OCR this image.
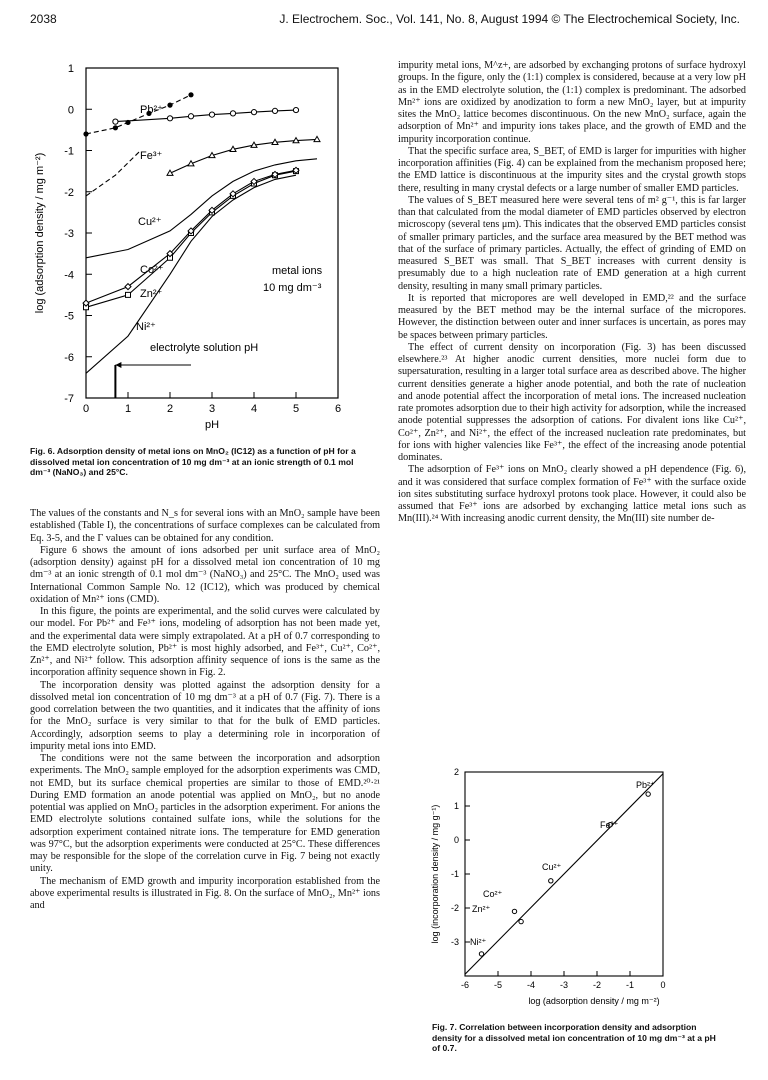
2038	J. Electrochem. Soc., Vol. 141, No. 8, August 1994 © The Electrochemical Society, Inc.
0	1	2	3	4	5	6
1
0
-1
-2
-3
-4
-5
-6
-7
pH
log (adsorption density / mg m⁻²)
Pb²⁺
Fe³⁺
Cu²⁺
Co²⁺
Zn²⁺
Ni²⁺
metal ions
10 mg dm⁻³
electrolyte solution pH
Fig. 6. Adsorption density of metal ions on MnO₂ (IC12) as a function of pH for a dissolved metal ion concentration of 10 mg dm⁻³ at an ionic strength of 0.1 mol dm⁻³ (NaNO₃) and 25°C.

The values of the constants and N_s for several ions with an MnO₂ sample have been established (Table I), the concentrations of surface complexes can be calculated from Eq. 3-5, and the Γ values can be obtained for any condition.

Figure 6 shows the amount of ions adsorbed per unit surface area of MnO₂ (adsorption density) against pH for a dissolved metal ion concentration of 10 mg dm⁻³ at an ionic strength of 0.1 mol dm⁻³ (NaNO₃) and 25°C. The MnO₂ used was International Common Sample No. 12 (IC12), which was produced by chemical oxidation of Mn²⁺ ions (CMD).

In this figure, the points are experimental, and the solid curves were calculated by our model. For Pb²⁺ and Fe³⁺ ions, modeling of adsorption has not been made yet, and the experimental data were simply extrapolated. At a pH of 0.7 corresponding to the EMD electrolyte solution, Pb²⁺ is most highly adsorbed, and Fe³⁺, Cu²⁺, Co²⁺, Zn²⁺, and Ni²⁺ follow. This adsorption affinity sequence of ions is the same as the incorporation affinity sequence shown in Fig. 2.

The incorporation density was plotted against the adsorption density for a dissolved metal ion concentration of 10 mg dm⁻³ at a pH of 0.7 (Fig. 7). There is a good correlation between the two quantities, and it indicates that the affinity of ions for the MnO₂ surface is very similar to that for the bulk of EMD particles. Accordingly, adsorption seems to play a determining role in incorporation of impurity metal ions into EMD.

The conditions were not the same between the incorporation and adsorption experiments. The MnO₂ sample employed for the adsorption experiments was CMD, not EMD, but its surface chemical properties are similar to those of EMD.²⁰·²¹ During EMD formation an anode potential was applied on MnO₂, but no anode potential was applied on MnO₂ particles in the adsorption experiment. For anions the EMD electrolyte solutions contained sulfate ions, while the solutions for the adsorption experiment contained nitrate ions. The temperature for EMD generation was 97°C, but the adsorption experiments were conducted at 25°C. These differences may be responsible for the slope of the correlation curve in Fig. 7 being not exactly unity.

The mechanism of EMD growth and impurity incorporation established from the above experimental results is illustrated in Fig. 8. On the surface of MnO₂, Mn²⁺ ions and

impurity metal ions, M^z+, are adsorbed by exchanging protons of surface hydroxyl groups. In the figure, only the (1:1) complex is considered, because at a very low pH as in the EMD electrolyte solution, the (1:1) complex is predominant. The adsorbed Mn²⁺ ions are oxidized by anodization to form a new MnO₂ layer, but at impurity sites the MnO₂ lattice becomes discontinuous. On the new MnO₂ surface, again the adsorption of Mn²⁺ and impurity ions takes place, and the growth of EMD and the impurity incorporation continue.

That the specific surface area, S_BET, of EMD is larger for impurities with higher incorporation affinities (Fig. 4) can be explained from the mechanism proposed here; the EMD lattice is discontinuous at the impurity sites and the crystal growth stops there, resulting in many crystal defects or a large number of smaller EMD particles.

The values of S_BET measured here were several tens of m² g⁻¹, this is far larger than that calculated from the modal diameter of EMD particles observed by electron microscopy (several tens μm). This indicates that the observed EMD particles consist of smaller primary particles, and the surface area measured by the BET method was that of the surface of primary particles. Actually, the effect of grinding of EMD on measured S_BET was small. That S_BET increases with current density is presumably due to a high nucleation rate of EMD generation at a high current density, resulting in many small primary particles.

It is reported that micropores are well developed in EMD,²² and the surface measured by the BET method may be the internal surface of the micropores. However, the distinction between outer and inner surfaces is uncertain, as pores may be spaces between primary particles.

The effect of current density on incorporation (Fig. 3) has been discussed elsewhere.²³ At higher anodic current densities, more nuclei form due to supersaturation, resulting in a larger total surface area as described above. The higher current densities generate a higher anode potential, and both the rate of nucleation and anode potential affect the incorporation of metal ions. The increased nucleation rate promotes adsorption due to their high activity for adsorption, while the increased anode potential suppresses the adsorption of cations. For divalent ions like Cu²⁺, Co²⁺, Zn²⁺, and Ni²⁺, the effect of the increased nucleation rate predominates, but for ions with higher valencies like Fe³⁺, the effect of the increasing anode potential dominates.

The adsorption of Fe³⁺ ions on MnO₂ clearly showed a pH dependence (Fig. 6), and it was considered that surface complex formation of Fe³⁺ with the surface oxide ion sites substituting surface hydroxyl protons took place. However, it could also be assumed that Fe³⁺ ions are adsorbed by exchanging lattice metal ions such as Mn(III).²⁴ With increasing anodic current density, the Mn(III) site number de-

-6	-5	-4	-3	-2	-1	0
2
1
0
-1
-2
-3
log (adsorption density / mg m⁻²)
log (incorporation density / mg g⁻¹)
Pb²⁺
Fe³⁺
Cu²⁺
Co²⁺
Zn²⁺
Ni²⁺
Fig. 7. Correlation between incorporation density and adsorption density for a dissolved metal ion concentration of 10 mg dm⁻³ at a pH of 0.7.
